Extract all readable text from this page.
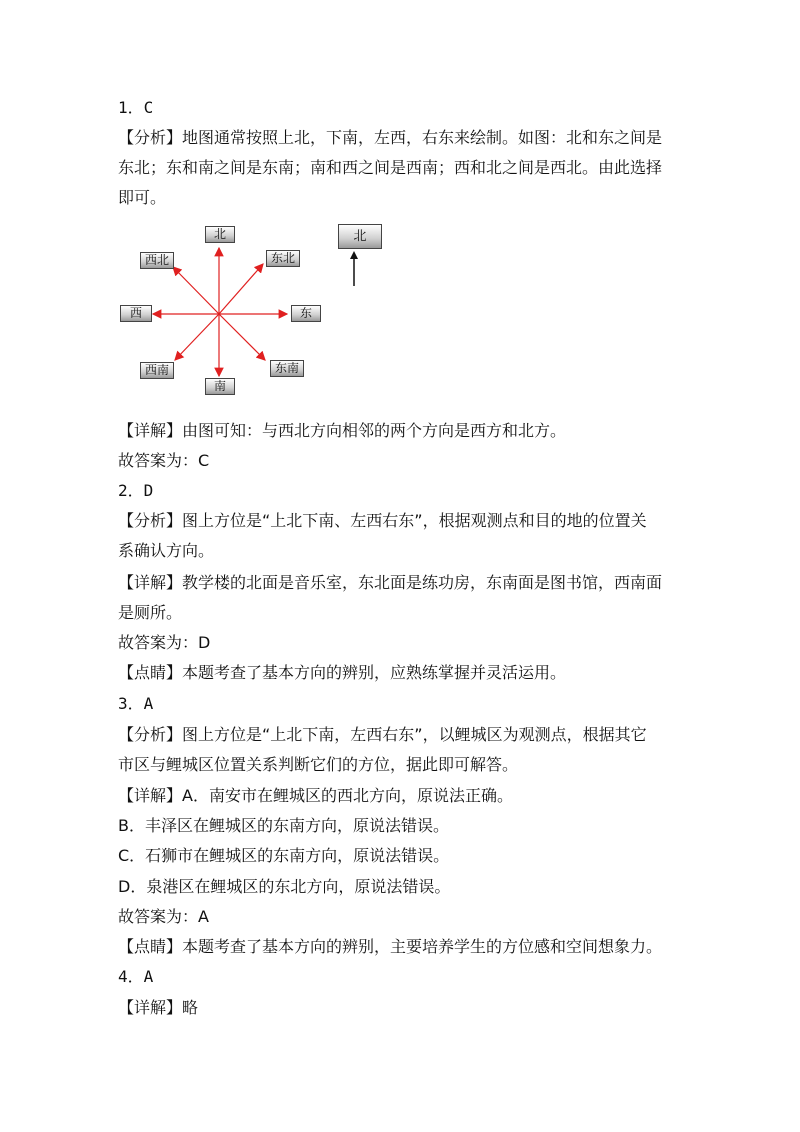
1．C
【分析】地图通常按照上北，下南，左西，右东来绘制。如图：北和东之间是
东北；东和南之间是东南；南和西之间是西南；西和北之间是西北。由此选择
即可。
北
东北
西北
西	东
西南	东南
南
北
【详解】由图可知：与西北方向相邻的两个方向是西方和北方。
故答案为：C
2．D
【分析】图上方位是“上北下南、左西右东”，根据观测点和目的地的位置关
系确认方向。
【详解】教学楼的北面是音乐室，东北面是练功房，东南面是图书馆，西南面
是厕所。
故答案为：D
【点睛】本题考查了基本方向的辨别，应熟练掌握并灵活运用。
3．A
【分析】图上方位是“上北下南，左西右东”，以鲤城区为观测点，根据其它
市区与鲤城区位置关系判断它们的方位，据此即可解答。
【详解】A．南安市在鲤城区的西北方向，原说法正确。
B．丰泽区在鲤城区的东南方向，原说法错误。
C．石狮市在鲤城区的东南方向，原说法错误。
D．泉港区在鲤城区的东北方向，原说法错误。
故答案为：A
【点睛】本题考查了基本方向的辨别，主要培养学生的方位感和空间想象力。
4．A
【详解】略
